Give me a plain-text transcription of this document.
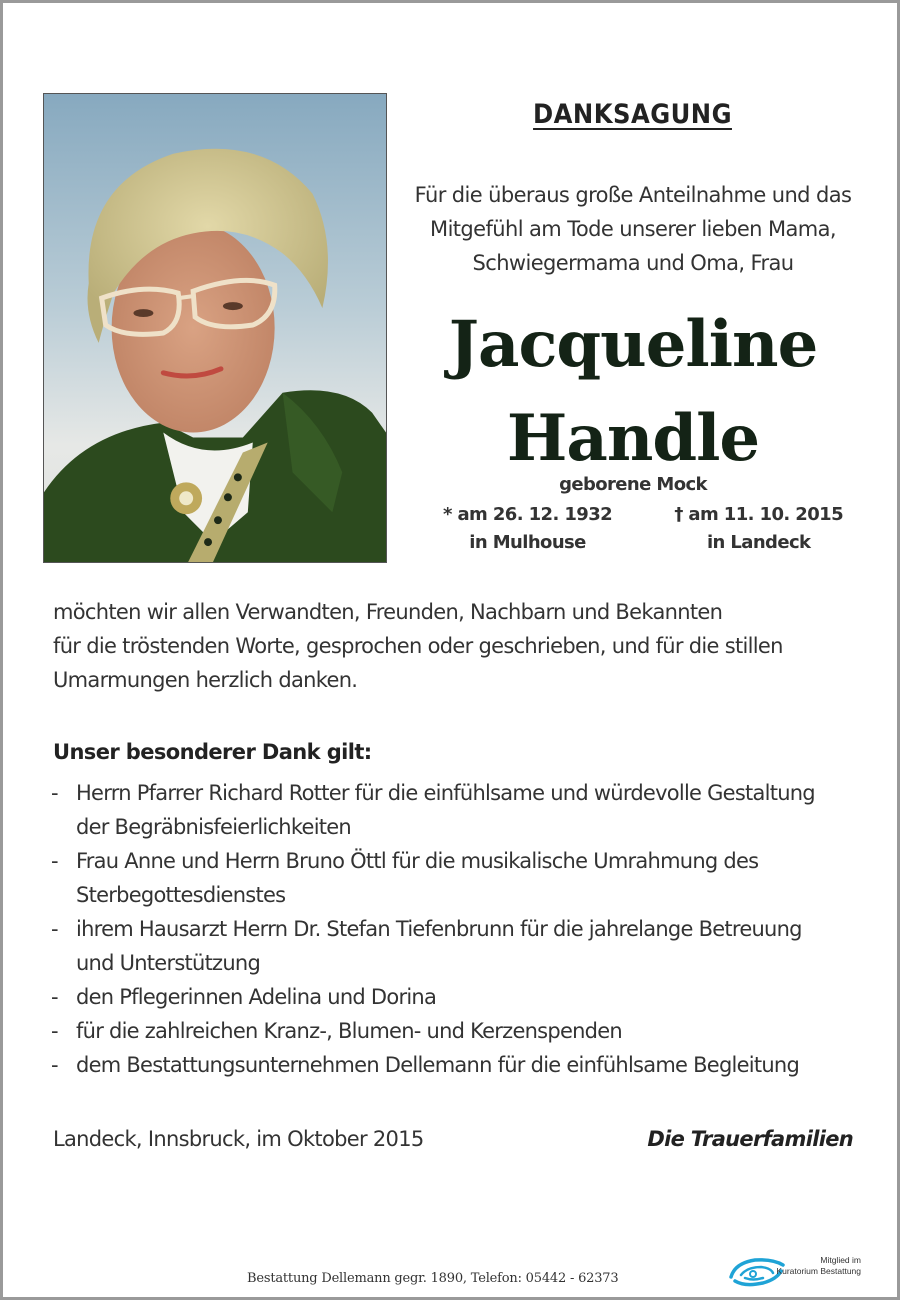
DANKSAGUNG
Für die überaus große Anteilnahme und das
Mitgefühl am Tode unserer lieben Mama,
Schwiegermama und Oma, Frau
Jacqueline
Handle
geborene Mock
* am 26. 12. 1932
in Mulhouse
† am 11. 10. 2015
in Landeck
möchten wir allen Verwandten, Freunden, Nachbarn und Bekannten
für die tröstenden Worte, gesprochen oder geschrieben, und für die stillen
Umarmungen herzlich danken.
Unser besonderer Dank gilt:
- Herrn Pfarrer Richard Rotter für die einfühlsame und würdevolle Gestaltung
der Begräbnisfeierlichkeiten
- Frau Anne und Herrn Bruno Öttl für die musikalische Umrahmung des
Sterbegottesdienstes
- ihrem Hausarzt Herrn Dr. Stefan Tiefenbrunn für die jahrelange Betreuung
und Unterstützung
- den Pflegerinnen Adelina und Dorina
- für die zahlreichen Kranz-, Blumen- und Kerzenspenden
- dem Bestattungsunternehmen Dellemann für die einfühlsame Begleitung
Landeck, Innsbruck, im Oktober 2015	Die Trauerfamilien
Bestattung Dellemann gegr. 1890, Telefon: 05442 - 62373
Mitglied im
Kuratorium Bestattung
